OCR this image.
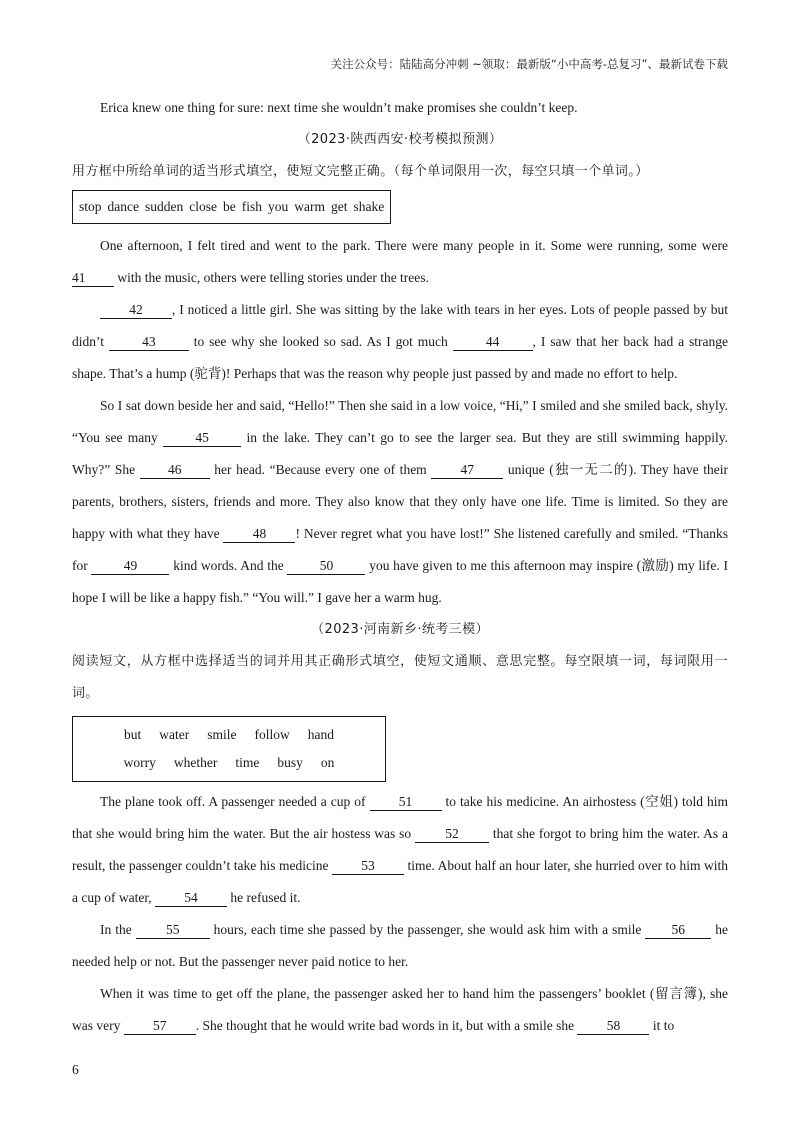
关注公众号：陆陆高分冲刺 ~领取：最新版“小中高考-总复习”、最新试卷下载

Erica knew one thing for sure: next time she wouldn’t make promises she couldn’t keep.

（2023·陕西西安·校考模拟预测）

用方框中所给单词的适当形式填空，使短文完整正确。（每个单词限用一次，每空只填一个单词。）

stop dance sudden close be fish you warm get shake

One afternoon, I felt tired and went to the park. There were many people in it. Some were running, some were 41 with the music, others were telling stories under the trees.

42 , I noticed a little girl. She was sitting by the lake with tears in her eyes. Lots of people passed by but didn’t 43 to see why she looked so sad. As I got much 44 , I saw that her back had a strange shape. That’s a hump (驼背)! Perhaps that was the reason why people just passed by and made no effort to help.

So I sat down beside her and said, “Hello!” Then she said in a low voice, “Hi,” I smiled and she smiled back, shyly. “You see many 45 in the lake. They can’t go to see the larger sea. But they are still swimming happily. Why?” She 46 her head. “Because every one of them 47 unique (独一无二的). They have their parents, brothers, sisters, friends and more. They also know that they only have one life. Time is limited. So they are happy with what they have 48 ! Never regret what you have lost!” She listened carefully and smiled. “Thanks for 49 kind words. And the 50 you have given to me this afternoon may inspire (激励) my life. I hope I will be like a happy fish.” “You will.” I gave her a warm hug.

（2023·河南新乡·统考三模）

阅读短文，从方框中选择适当的词并用其正确形式填空，使短文通顺、意思完整。每空限填一词，每词限用一词。

but water smile follow hand
worry whether time busy on

The plane took off. A passenger needed a cup of 51 to take his medicine. An airhostess (空姐) told him that she would bring him the water. But the air hostess was so 52 that she forgot to bring him the water. As a result, the passenger couldn’t take his medicine 53 time. About half an hour later, she hurried over to him with a cup of water, 54 he refused it.

In the 55 hours, each time she passed by the passenger, she would ask him with a smile 56 he needed help or not. But the passenger never paid notice to her.

When it was time to get off the plane, the passenger asked her to hand him the passengers’ booklet (留言簿), she was very 57 . She thought that he would write bad words in it, but with a smile she 58 it to

6
